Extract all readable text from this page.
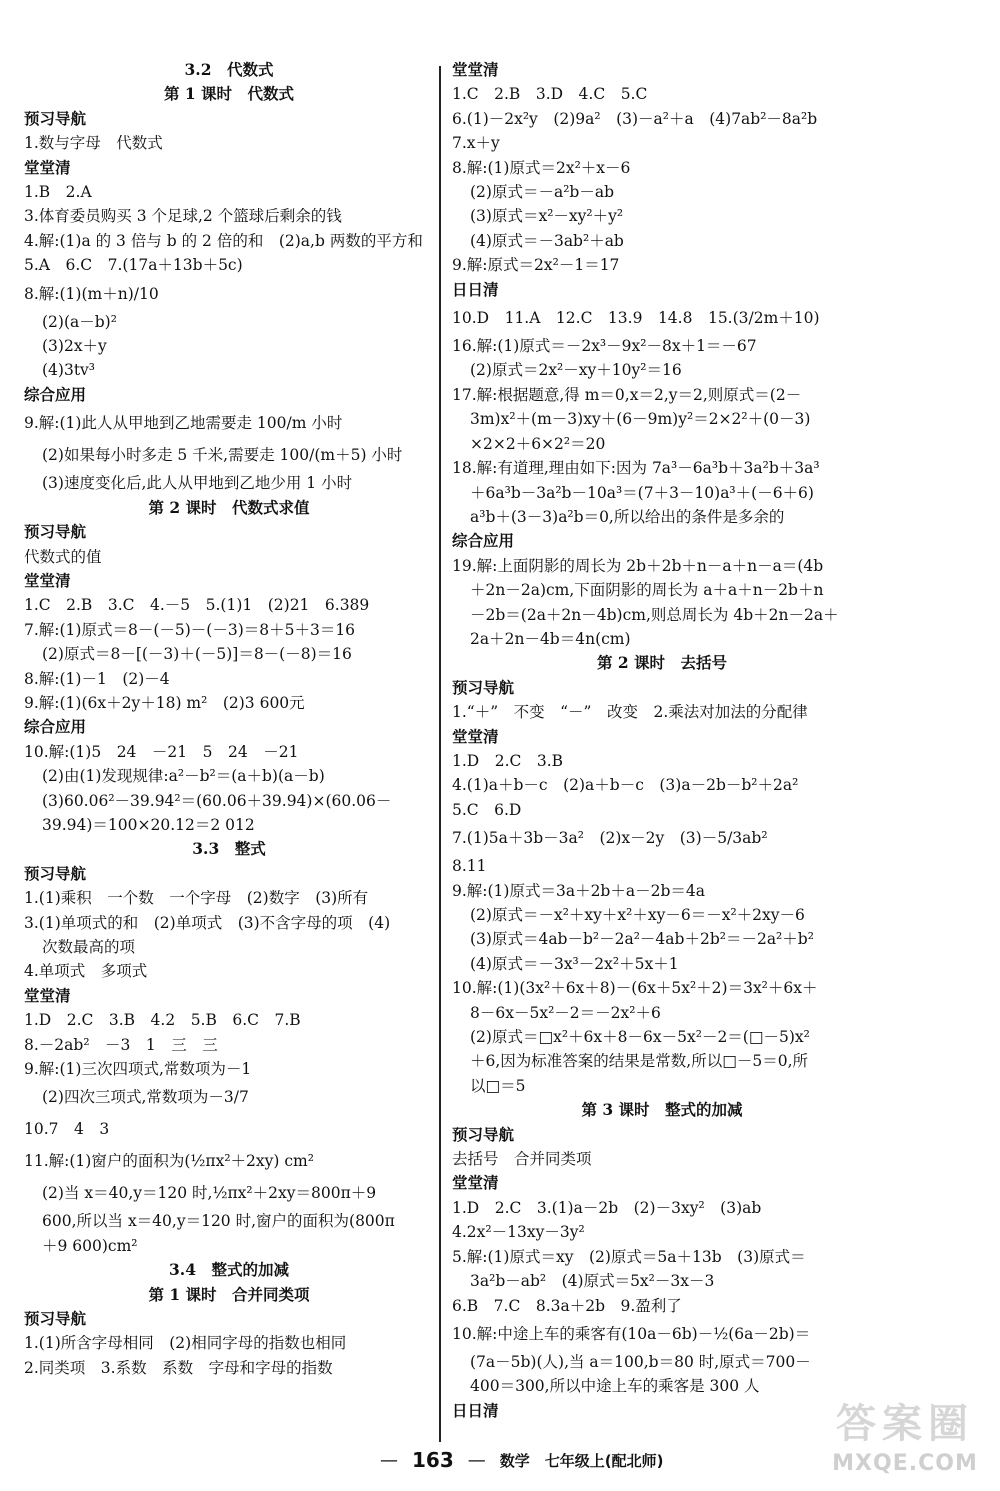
3.2　代数式
第 1 课时　代数式
预习导航
1.数与字母　代数式
堂堂清
1.B　2.A
3.体育委员购买 3 个足球,2 个篮球后剩余的钱
4.解:(1)a 的 3 倍与 b 的 2 倍的和　(2)a,b 两数的平方和
5.A　6.C　7.(17a＋13b＋5c)
8.解:(1)(m＋n)/10
(2)(a－b)²
(3)2x＋y
(4)3tv³
综合应用
9.解:(1)此人从甲地到乙地需要走 100/m 小时
(2)如果每小时多走 5 千米,需要走 100/(m＋5) 小时
(3)速度变化后,此人从甲地到乙地少用 1 小时
第 2 课时　代数式求值
预习导航
代数式的值
堂堂清
1.C　2.B　3.C　4.－5　5.(1)1　(2)21　6.389
7.解:(1)原式＝8－(－5)－(－3)＝8＋5＋3＝16
(2)原式＝8－[(－3)＋(－5)]＝8－(－8)＝16
8.解:(1)－1　(2)－4
9.解:(1)(6x＋2y＋18) m²　(2)3 600元
综合应用
10.解:(1)5　24　－21　5　24　－21
(2)由(1)发现规律:a²－b²＝(a＋b)(a－b)
(3)60.06²－39.94²＝(60.06＋39.94)×(60.06－
39.94)＝100×20.12＝2 012
3.3　整式
预习导航
1.(1)乘积　一个数　一个字母　(2)数字　(3)所有
3.(1)单项式的和　(2)单项式　(3)不含字母的项　(4)
次数最高的项
4.单项式　多项式
堂堂清
1.D　2.C　3.B　4.2　5.B　6.C　7.B
8.－2ab²　－3　1　三　三
9.解:(1)三次四项式,常数项为－1
(2)四次三项式,常数项为－3/7
10.7　4　3
11.解:(1)窗户的面积为(½πx²＋2xy) cm²
(2)当 x＝40,y＝120 时,½πx²＋2xy＝800π＋9
600,所以当 x＝40,y＝120 时,窗户的面积为(800π
＋9 600)cm²
3.4　整式的加减
第 1 课时　合并同类项
预习导航
1.(1)所含字母相同　(2)相同字母的指数也相同
2.同类项　3.系数　系数　字母和字母的指数
堂堂清
1.C　2.B　3.D　4.C　5.C
6.(1)－2x²y　(2)9a²　(3)－a²＋a　(4)7ab²－8a²b
7.x＋y
8.解:(1)原式＝2x²＋x－6
(2)原式＝－a²b－ab
(3)原式＝x²－xy²＋y²
(4)原式＝－3ab²＋ab
9.解:原式＝2x²－1＝17
日日清
10.D　11.A　12.C　13.9　14.8　15.(3/2m＋10)
16.解:(1)原式＝－2x³－9x²－8x＋1＝－67
(2)原式＝2x²－xy＋10y²＝16
17.解:根据题意,得 m＝0,x＝2,y＝2,则原式＝(2－
3m)x²＋(m－3)xy＋(6－9m)y²＝2×2²＋(0－3)
×2×2＋6×2²＝20
18.解:有道理,理由如下:因为 7a³－6a³b＋3a²b＋3a³
＋6a³b－3a²b－10a³＝(7＋3－10)a³＋(－6＋6)
a³b＋(3－3)a²b＝0,所以给出的条件是多余的
综合应用
19.解:上面阴影的周长为 2b＋2b＋n－a＋n－a＝(4b
＋2n－2a)cm,下面阴影的周长为 a＋a＋n－2b＋n
－2b＝(2a＋2n－4b)cm,则总周长为 4b＋2n－2a＋
2a＋2n－4b＝4n(cm)
第 2 课时　去括号
预习导航
1.“＋”　不变　“－”　改变　2.乘法对加法的分配律
堂堂清
1.D　2.C　3.B
4.(1)a＋b－c　(2)a＋b－c　(3)a－2b－b²＋2a²
5.C　6.D
7.(1)5a＋3b－3a²　(2)x－2y　(3)－5/3ab²
8.11
9.解:(1)原式＝3a＋2b＋a－2b＝4a
(2)原式＝－x²＋xy＋x²＋xy－6＝－x²＋2xy－6
(3)原式＝4ab－b²－2a²－4ab＋2b²＝－2a²＋b²
(4)原式＝－3x³－2x²＋5x＋1
10.解:(1)(3x²＋6x＋8)－(6x＋5x²＋2)＝3x²＋6x＋
8－6x－5x²－2＝－2x²＋6
(2)原式＝□x²＋6x＋8－6x－5x²－2＝(□－5)x²
＋6,因为标准答案的结果是常数,所以□－5＝0,所
以□＝5
第 3 课时　整式的加减
预习导航
去括号　合并同类项
堂堂清
1.D　2.C　3.(1)a－2b　(2)－3xy²　(3)ab
4.2x²－13xy－3y²
5.解:(1)原式＝xy　(2)原式＝5a＋13b　(3)原式＝
3a²b－ab²　(4)原式＝5x²－3x－3
6.B　7.C　8.3a＋2b　9.盈利了
10.解:中途上车的乘客有(10a－6b)－½(6a－2b)＝
(7a－5b)(人),当 a＝100,b＝80 时,原式＝700－
400＝300,所以中途上车的乘客是 300 人
日日清
— 163 — 数学　七年级上(配北师)
答案圈
MXQE.COM
